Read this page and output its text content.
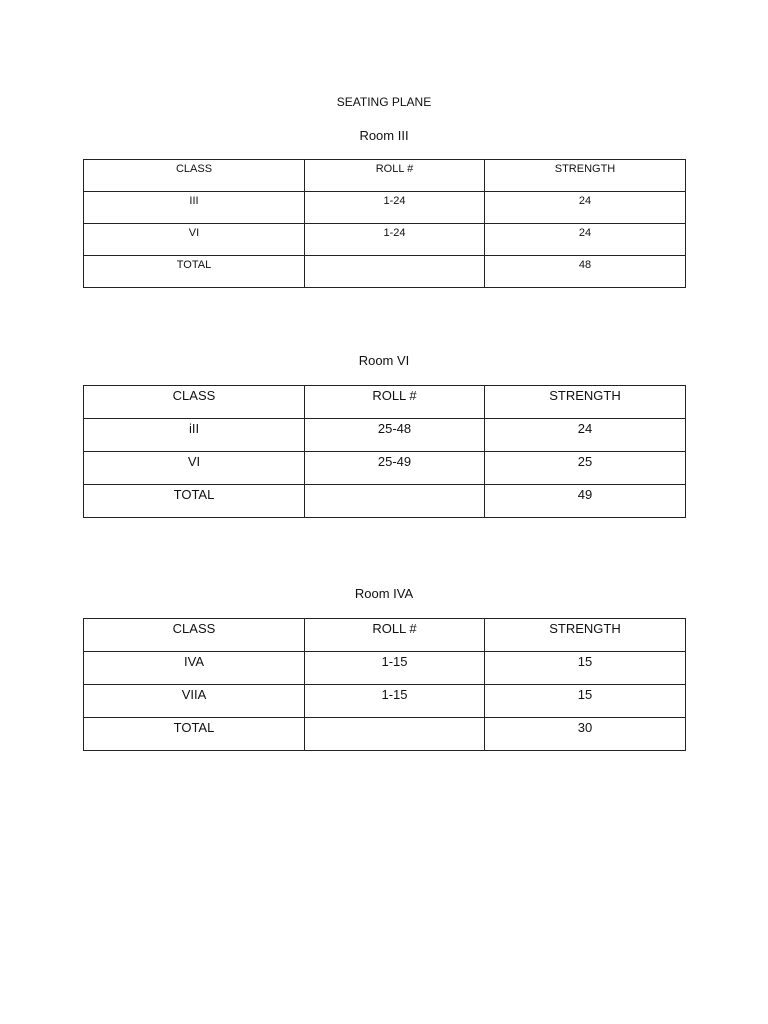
SEATING PLANE
Room III
CLASS	ROLL #	STRENGTH
III	1-24	24
VI	1-24	24
TOTAL		48
Room VI
CLASS	ROLL #	STRENGTH
iII	25-48	24
VI	25-49	25
TOTAL		49
Room IVA
CLASS	ROLL #	STRENGTH
IVA	1-15	15
VIIA	1-15	15
TOTAL		30
